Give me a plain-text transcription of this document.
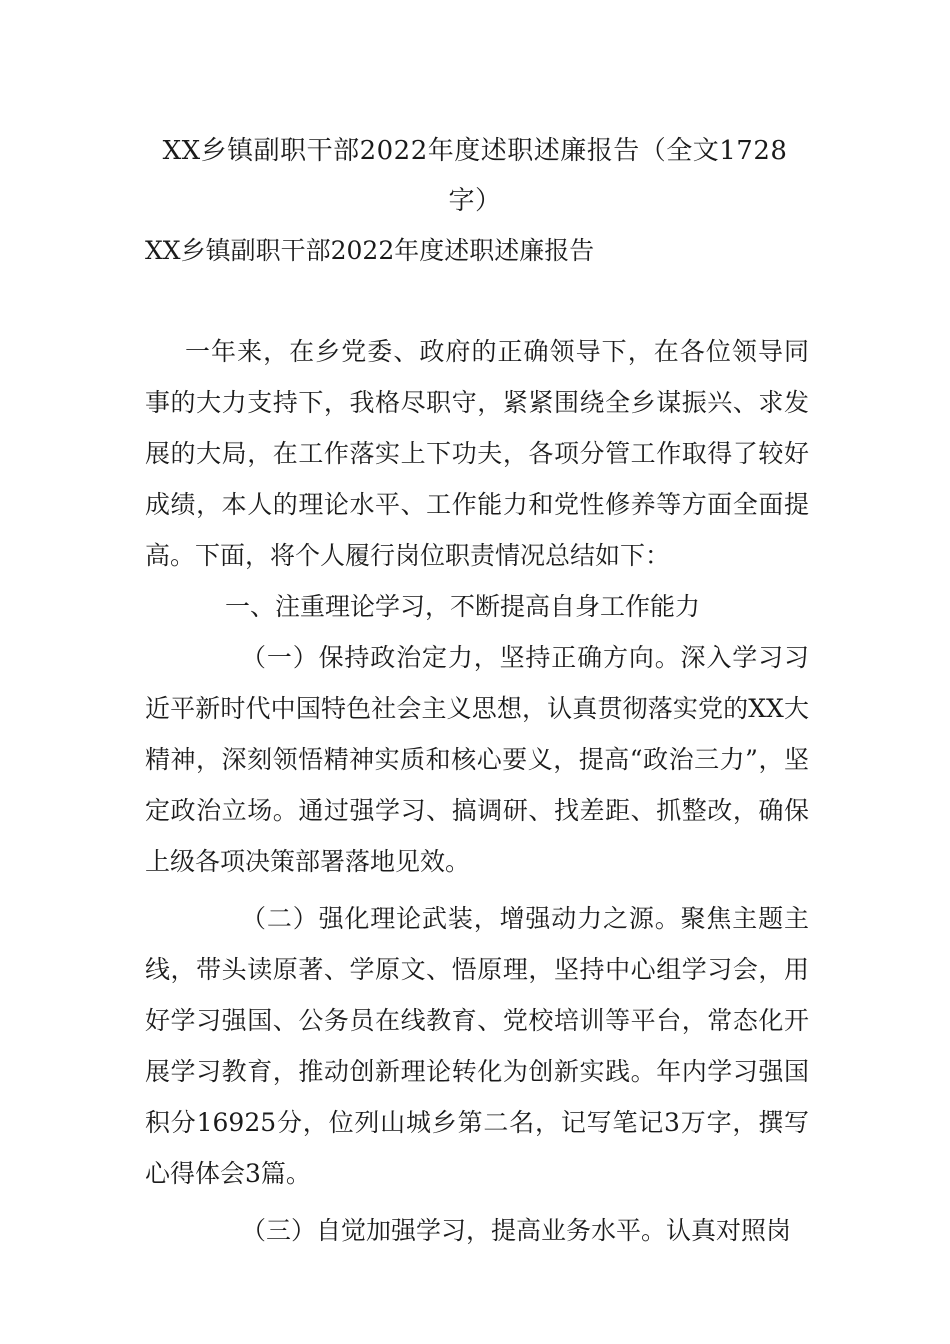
XX乡镇副职干部2022年度述职述廉报告（全文1728字）
XX乡镇副职干部2022年度述职述廉报告

一年来，在乡党委、政府的正确领导下，在各位领导同事的大力支持下，我格尽职守，紧紧围绕全乡谋振兴、求发展的大局，在工作落实上下功夫，各项分管工作取得了较好成绩，本人的理论水平、工作能力和党性修养等方面全面提高。下面，将个人履行岗位职责情况总结如下：

一、注重理论学习，不断提高自身工作能力

（一）保持政治定力，坚持正确方向。深入学习习近平新时代中国特色社会主义思想，认真贯彻落实党的XX大精神，深刻领悟精神实质和核心要义，提高“政治三力”，坚定政治立场。通过强学习、搞调研、找差距、抓整改，确保上级各项决策部署落地见效。

（二）强化理论武装，增强动力之源。聚焦主题主线，带头读原著、学原文、悟原理，坚持中心组学习会，用好学习强国、公务员在线教育、党校培训等平台，常态化开展学习教育，推动创新理论转化为创新实践。年内学习强国积分16925分，位列山城乡第二名，记写笔记3万字，撰写心得体会3篇。

（三）自觉加强学习，提高业务水平。认真对照岗
